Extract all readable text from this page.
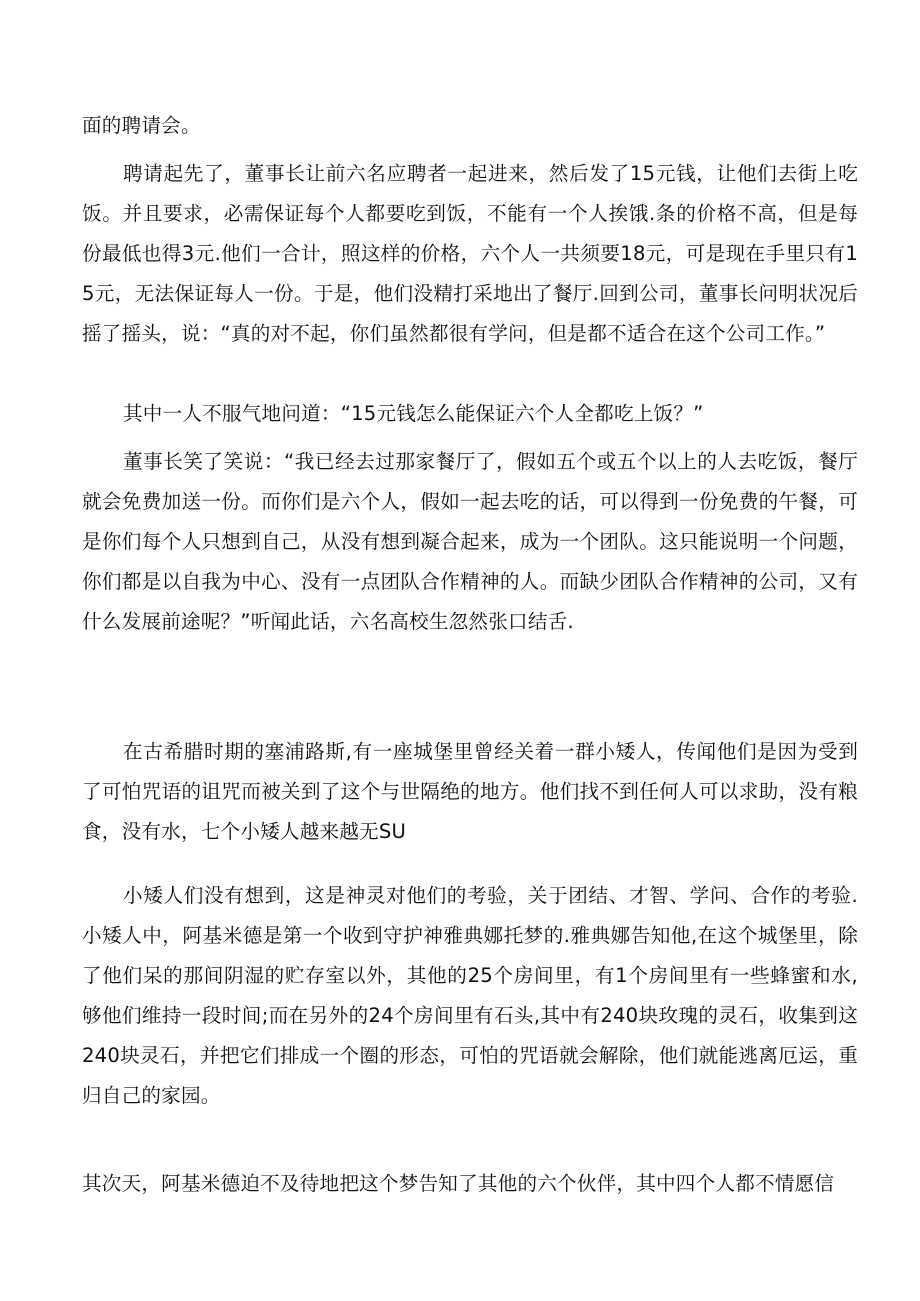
面的聘请会。

聘请起先了，董事长让前六名应聘者一起进来，然后发了15元钱，让他们去街上吃饭。并且要求，必需保证每个人都要吃到饭，不能有一个人挨饿.条的价格不高，但是每份最低也得3元.他们一合计，照这样的价格，六个人一共须要18元，可是现在手里只有15元，无法保证每人一份。于是，他们没精打采地出了餐厅.回到公司，董事长问明状况后摇了摇头，说：“真的对不起，你们虽然都很有学问，但是都不适合在这个公司工作。”

其中一人不服气地问道：“15元钱怎么能保证六个人全都吃上饭？”

董事长笑了笑说：“我已经去过那家餐厅了，假如五个或五个以上的人去吃饭，餐厅就会免费加送一份。而你们是六个人，假如一起去吃的话，可以得到一份免费的午餐，可是你们每个人只想到自己，从没有想到凝合起来，成为一个团队。这只能说明一个问题，你们都是以自我为中心、没有一点团队合作精神的人。而缺少团队合作精神的公司，又有什么发展前途呢？”听闻此话，六名高校生忽然张口结舌.

在古希腊时期的塞浦路斯,有一座城堡里曾经关着一群小矮人，传闻他们是因为受到了可怕咒语的诅咒而被关到了这个与世隔绝的地方。他们找不到任何人可以求助，没有粮食，没有水，七个小矮人越来越无SU

小矮人们没有想到，这是神灵对他们的考验，关于团结、才智、学问、合作的考验.小矮人中，阿基米德是第一个收到守护神雅典娜托梦的.雅典娜告知他,在这个城堡里，除了他们呆的那间阴湿的贮存室以外，其他的25个房间里，有1个房间里有一些蜂蜜和水,够他们维持一段时间;而在另外的24个房间里有石头,其中有240块玫瑰的灵石，收集到这240块灵石，并把它们排成一个圈的形态，可怕的咒语就会解除，他们就能逃离厄运，重归自己的家园。

其次天，阿基米德迫不及待地把这个梦告知了其他的六个伙伴，其中四个人都不情愿信
